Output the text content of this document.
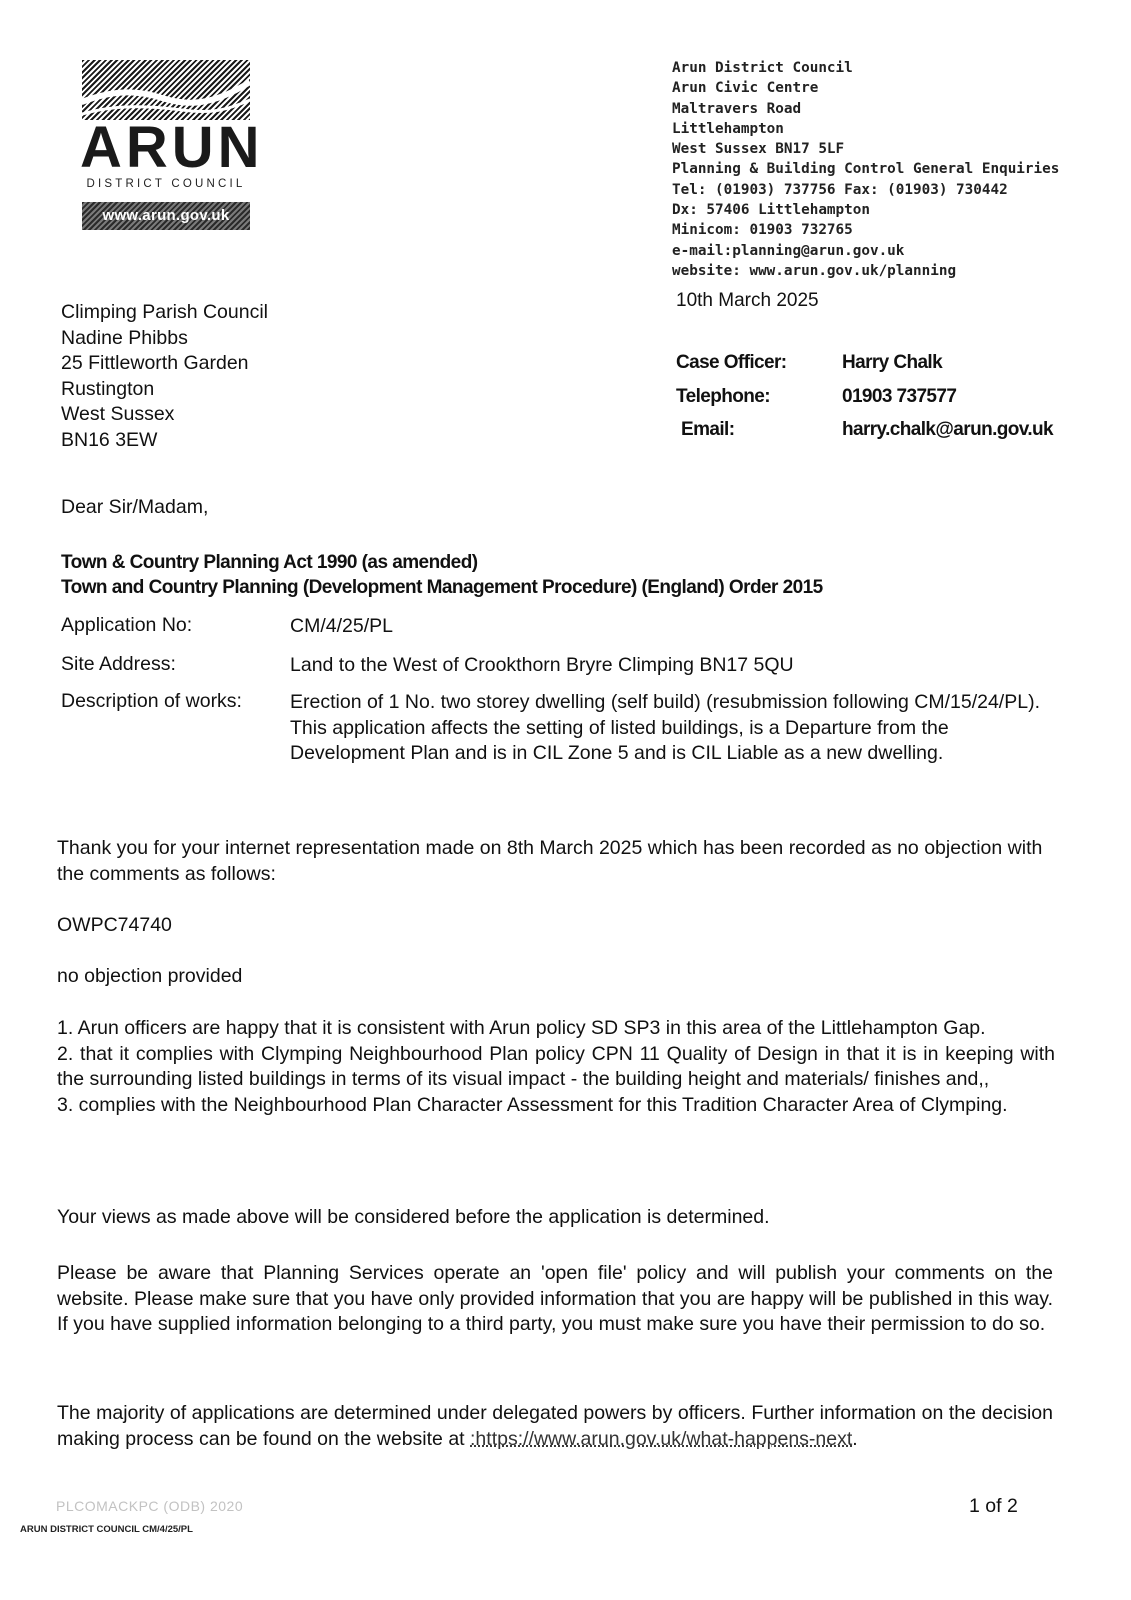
ARUN
DISTRICT COUNCIL
www.arun.gov.uk
Arun District Council
Arun Civic Centre
Maltravers Road
Littlehampton
West Sussex BN17 5LF
Planning & Building Control General Enquiries
Tel: (01903) 737756 Fax: (01903) 730442
Dx: 57406 Littlehampton
Minicom: 01903 732765
e-mail:planning@arun.gov.uk
website: www.arun.gov.uk/planning
10th March 2025
Case Officer:	Harry Chalk
Telephone:	01903 737577
Email:	harry.chalk@arun.gov.uk
Climping Parish Council
Nadine Phibbs
25 Fittleworth Garden
Rustington
West Sussex
BN16 3EW
Dear Sir/Madam,
Town & Country Planning Act 1990 (as amended)
Town and Country Planning (Development Management Procedure) (England) Order 2015
Application No:	CM/4/25/PL
Site Address:	Land to the West of Crookthorn Bryre Climping BN17 5QU
Description of works: Erection of 1 No. two storey dwelling (self build) (resubmission following CM/15/24/PL). This application affects the setting of listed buildings, is a Departure from the Development Plan and is in CIL Zone 5 and is CIL Liable as a new dwelling.
Thank you for your internet representation made on 8th March 2025 which has been recorded as no objection with the comments as follows:
OWPC74740
no objection provided
1. Arun officers are happy that it is consistent with Arun policy SD SP3 in this area of the Littlehampton Gap.
2. that it complies with Clymping Neighbourhood Plan policy CPN 11 Quality of Design in that it is in keeping with the surrounding listed buildings in terms of its visual impact - the building height and materials/ finishes and,,
3. complies with the Neighbourhood Plan Character Assessment for this Tradition Character Area of Clymping.
Your views as made above will be considered before the application is determined.
Please be aware that Planning Services operate an 'open file' policy and will publish your comments on the website. Please make sure that you have only provided information that you are happy will be published in this way. If you have supplied information belonging to a third party, you must make sure you have their permission to do so.
The majority of applications are determined under delegated powers by officers. Further information on the decision making process can be found on the website at :https://www.arun.gov.uk/what-happens-next.
PLCOMACKPC (ODB) 2020
ARUN DISTRICT COUNCIL CM/4/25/PL
1 of 2
